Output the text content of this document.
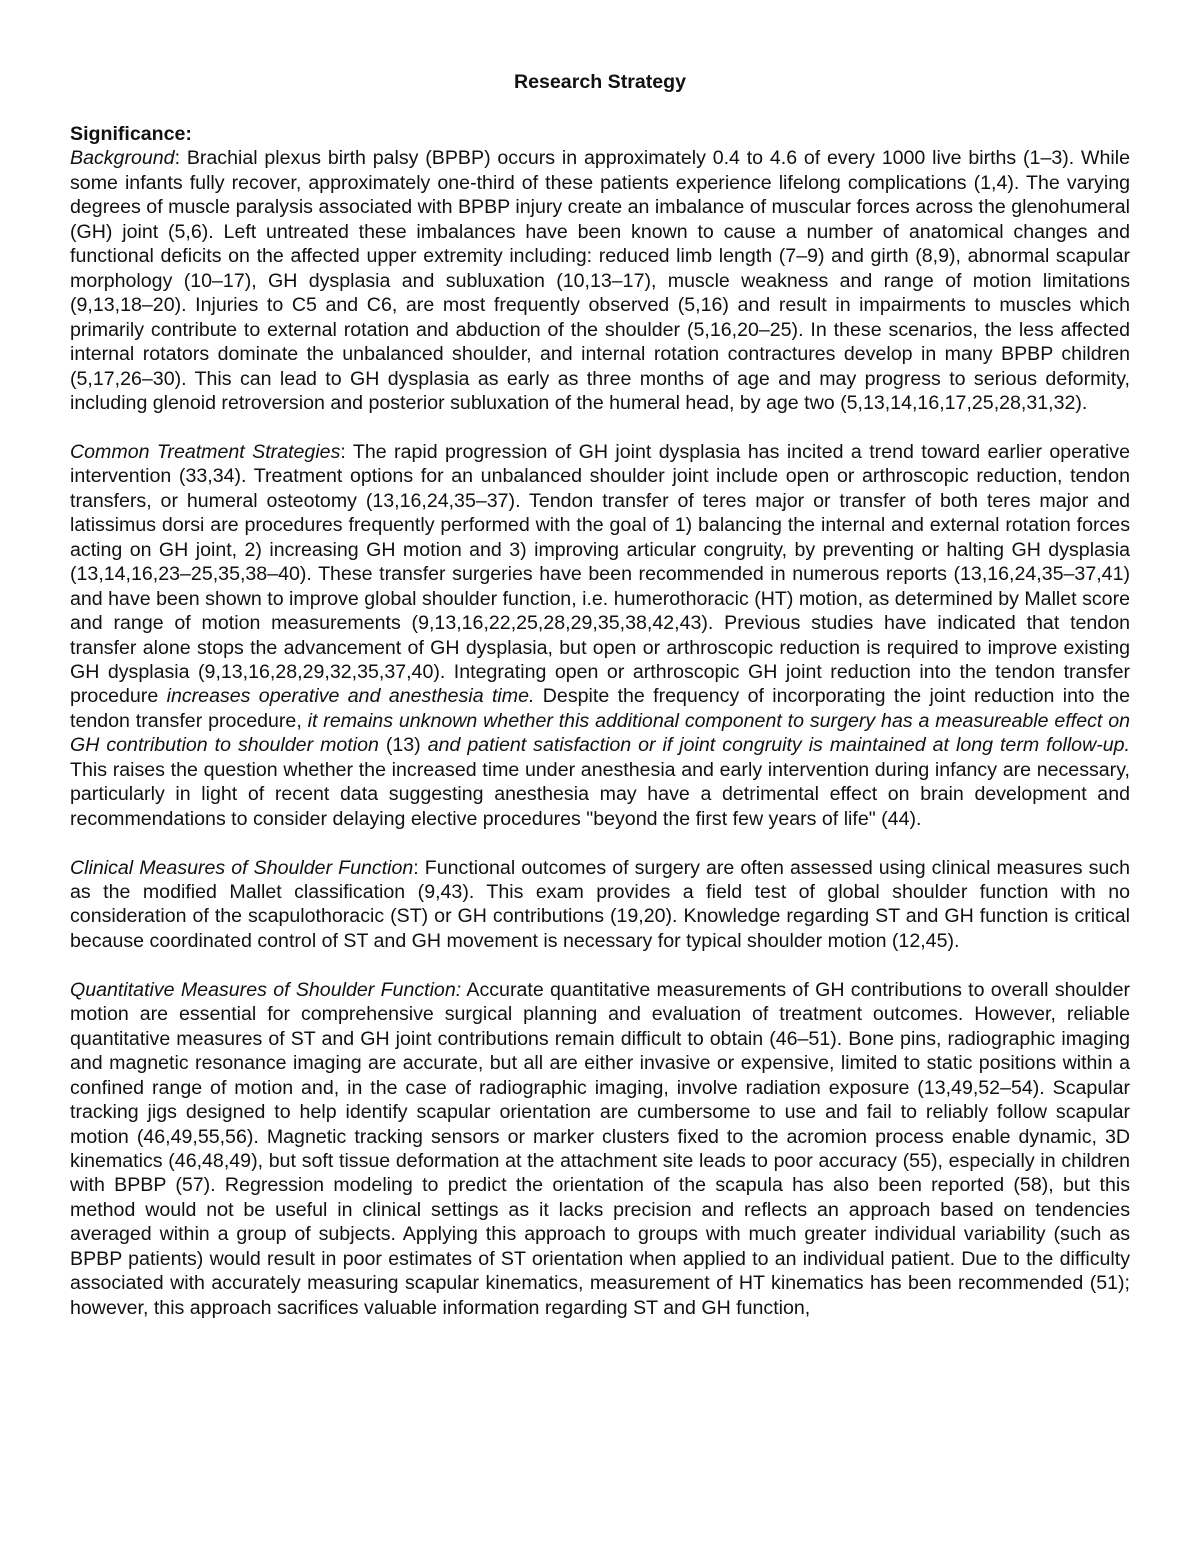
Research Strategy
Significance:

Background: Brachial plexus birth palsy (BPBP) occurs in approximately 0.4 to 4.6 of every 1000 live births (1–3). While some infants fully recover, approximately one-third of these patients experience lifelong complications (1,4). The varying degrees of muscle paralysis associated with BPBP injury create an imbalance of muscular forces across the glenohumeral (GH) joint (5,6). Left untreated these imbalances have been known to cause a number of anatomical changes and functional deficits on the affected upper extremity including: reduced limb length (7–9) and girth (8,9), abnormal scapular morphology (10–17), GH dysplasia and subluxation (10,13–17), muscle weakness and range of motion limitations (9,13,18–20). Injuries to C5 and C6, are most frequently observed (5,16) and result in impairments to muscles which primarily contribute to external rotation and abduction of the shoulder (5,16,20–25). In these scenarios, the less affected internal rotators dominate the unbalanced shoulder, and internal rotation contractures develop in many BPBP children (5,17,26–30). This can lead to GH dysplasia as early as three months of age and may progress to serious deformity, including glenoid retroversion and posterior subluxation of the humeral head, by age two (5,13,14,16,17,25,28,31,32).

Common Treatment Strategies: The rapid progression of GH joint dysplasia has incited a trend toward earlier operative intervention (33,34). Treatment options for an unbalanced shoulder joint include open or arthroscopic reduction, tendon transfers, or humeral osteotomy (13,16,24,35–37). Tendon transfer of teres major or transfer of both teres major and latissimus dorsi are procedures frequently performed with the goal of 1) balancing the internal and external rotation forces acting on GH joint, 2) increasing GH motion and 3) improving articular congruity, by preventing or halting GH dysplasia (13,14,16,23–25,35,38–40). These transfer surgeries have been recommended in numerous reports (13,16,24,35–37,41) and have been shown to improve global shoulder function, i.e. humerothoracic (HT) motion, as determined by Mallet score and range of motion measurements (9,13,16,22,25,28,29,35,38,42,43). Previous studies have indicated that tendon transfer alone stops the advancement of GH dysplasia, but open or arthroscopic reduction is required to improve existing GH dysplasia (9,13,16,28,29,32,35,37,40). Integrating open or arthroscopic GH joint reduction into the tendon transfer procedure increases operative and anesthesia time. Despite the frequency of incorporating the joint reduction into the tendon transfer procedure, it remains unknown whether this additional component to surgery has a measureable effect on GH contribution to shoulder motion (13) and patient satisfaction or if joint congruity is maintained at long term follow-up. This raises the question whether the increased time under anesthesia and early intervention during infancy are necessary, particularly in light of recent data suggesting anesthesia may have a detrimental effect on brain development and recommendations to consider delaying elective procedures "beyond the first few years of life" (44).

Clinical Measures of Shoulder Function: Functional outcomes of surgery are often assessed using clinical measures such as the modified Mallet classification (9,43). This exam provides a field test of global shoulder function with no consideration of the scapulothoracic (ST) or GH contributions (19,20). Knowledge regarding ST and GH function is critical because coordinated control of ST and GH movement is necessary for typical shoulder motion (12,45).

Quantitative Measures of Shoulder Function: Accurate quantitative measurements of GH contributions to overall shoulder motion are essential for comprehensive surgical planning and evaluation of treatment outcomes. However, reliable quantitative measures of ST and GH joint contributions remain difficult to obtain (46–51). Bone pins, radiographic imaging and magnetic resonance imaging are accurate, but all are either invasive or expensive, limited to static positions within a confined range of motion and, in the case of radiographic imaging, involve radiation exposure (13,49,52–54). Scapular tracking jigs designed to help identify scapular orientation are cumbersome to use and fail to reliably follow scapular motion (46,49,55,56). Magnetic tracking sensors or marker clusters fixed to the acromion process enable dynamic, 3D kinematics (46,48,49), but soft tissue deformation at the attachment site leads to poor accuracy (55), especially in children with BPBP (57). Regression modeling to predict the orientation of the scapula has also been reported (58), but this method would not be useful in clinical settings as it lacks precision and reflects an approach based on tendencies averaged within a group of subjects. Applying this approach to groups with much greater individual variability (such as BPBP patients) would result in poor estimates of ST orientation when applied to an individual patient. Due to the difficulty associated with accurately measuring scapular kinematics, measurement of HT kinematics has been recommended (51); however, this approach sacrifices valuable information regarding ST and GH function,
